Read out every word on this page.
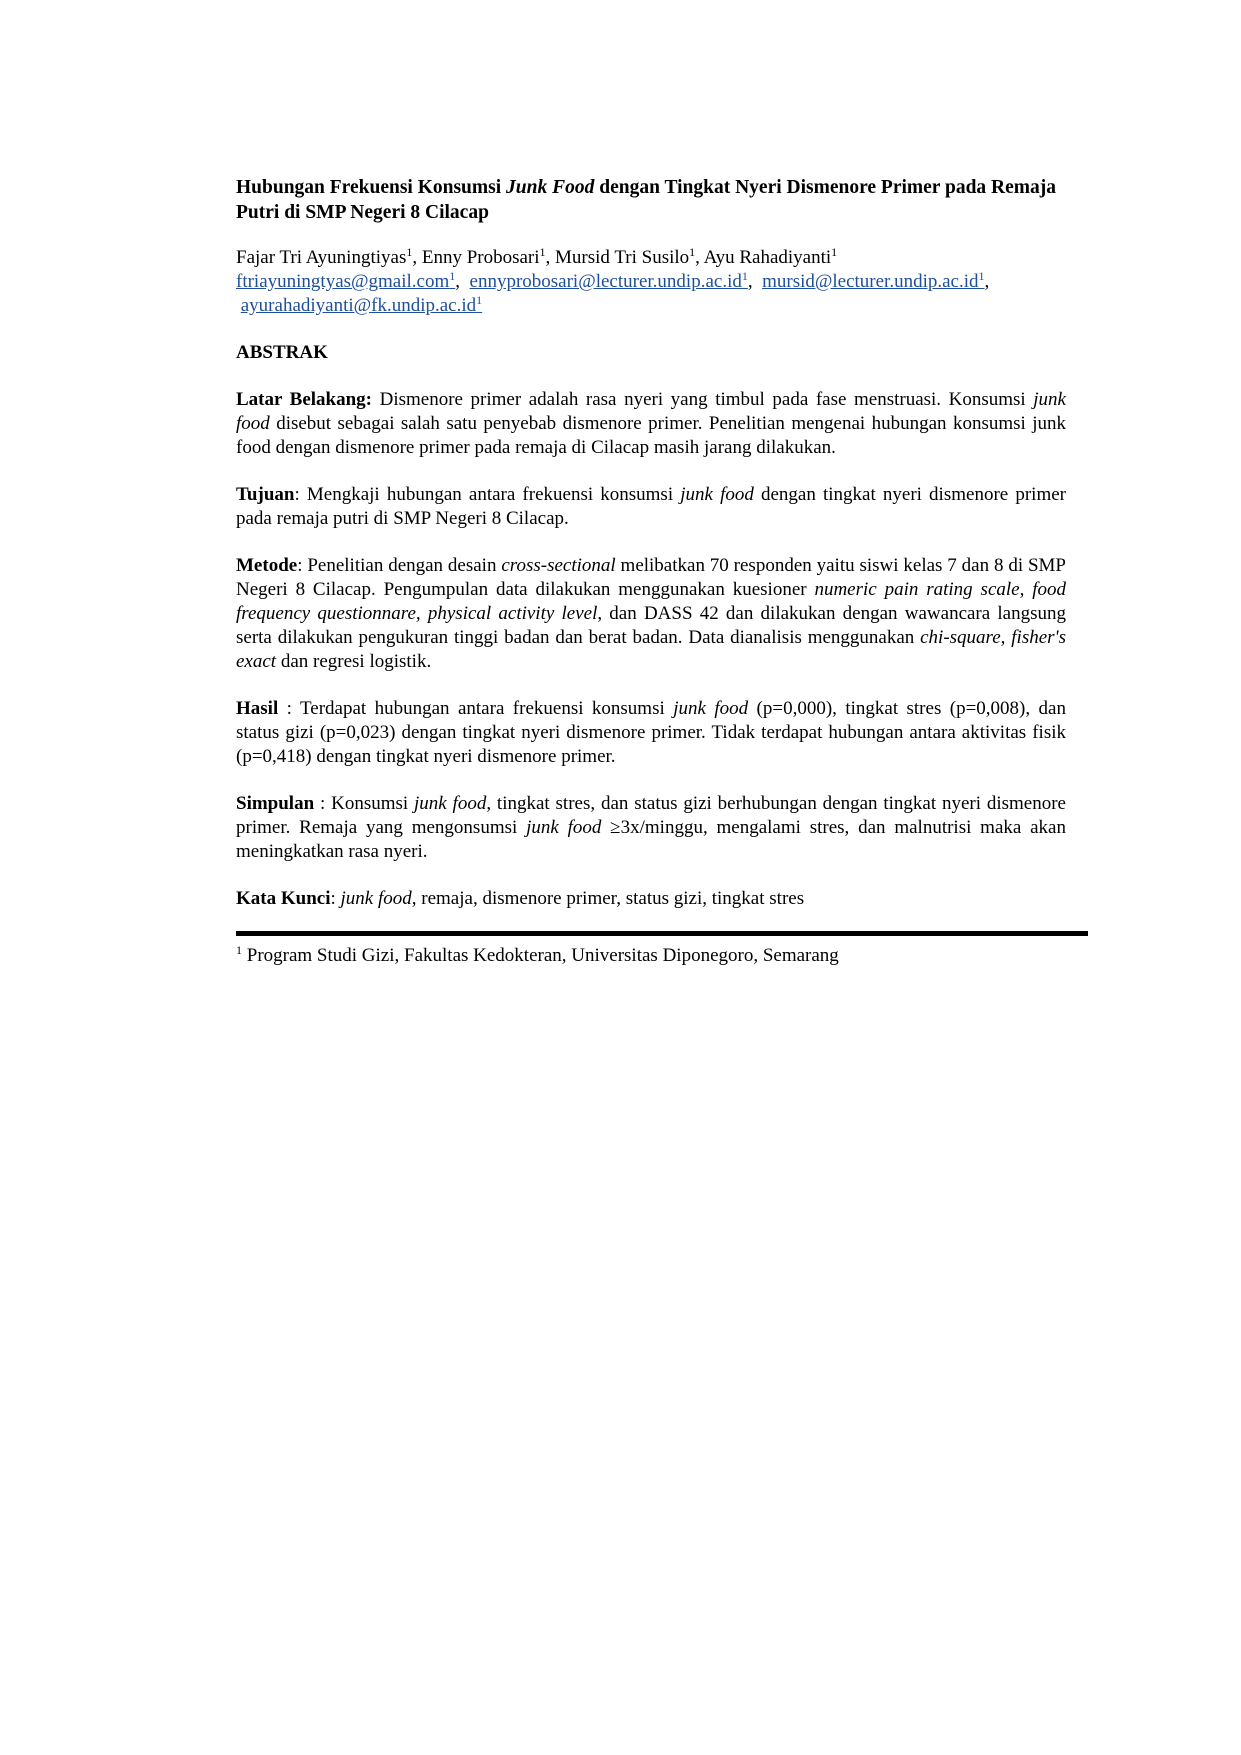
Hubungan Frekuensi Konsumsi Junk Food dengan Tingkat Nyeri Dismenore Primer pada Remaja Putri di SMP Negeri 8 Cilacap

Fajar Tri Ayuningtiyas$^1$, Enny Probosari$^1$, Mursid Tri Susilo$^1$, Ayu Rahadiyanti$^1$

ftriayuningtyas@gmail.com$^1$,  $ennyprobosari@lecturer.undip.ac.id^1$,  $mursid@lecturer.undip.ac.id^1$,
$ayurahadiyanti@fk.undip.ac.id^1$

ABSTRAK

Latar Belakang: Dismenore primer adalah rasa nyeri yang timbul pada fase menstruasi. Konsumsi junk food disebut sebagai salah satu penyebab dismenore primer. Penelitian mengenai hubungan konsumsi junk food dengan dismenore primer pada remaja di Cilacap masih jarang dilakukan.

Tujuan: Mengkaji hubungan antara frekuensi konsumsi junk food dengan tingkat nyeri dismenore primer pada remaja putri di SMP Negeri 8 Cilacap.

Metode: Penelitian dengan desain cross-sectional melibatkan 70 responden yaitu siswi kelas 7 dan 8 di SMP Negeri 8 Cilacap. Pengumpulan data dilakukan menggunakan kuesioner numeric pain rating scale, food frequency questionnare, physical activity level, dan DASS 42 dan dilakukan dengan wawancara langsung serta dilakukan pengukuran tinggi badan dan berat badan. Data dianalisis menggunakan chi-square, fisher's exact dan regresi logistik.

Hasil : Terdapat hubungan antara frekuensi konsumsi junk food (p=0,000), tingkat stres (p=0,008), dan status gizi (p=0,023) dengan tingkat nyeri dismenore primer. Tidak terdapat hubungan antara aktivitas fisik (p=0,418) dengan tingkat nyeri dismenore primer.

Simpulan : Konsumsi junk food, tingkat stres, dan status gizi berhubungan dengan tingkat nyeri dismenore primer. Remaja yang mengonsumsi junk food ≥3x/minggu, mengalami stres, dan malnutrisi maka akan meningkatkan rasa nyeri.

Kata Kunci: junk food, remaja, dismenore primer, status gizi, tingkat stres

$^1$ Program Studi Gizi, Fakultas Kedokteran, Universitas Diponegoro, Semarang
